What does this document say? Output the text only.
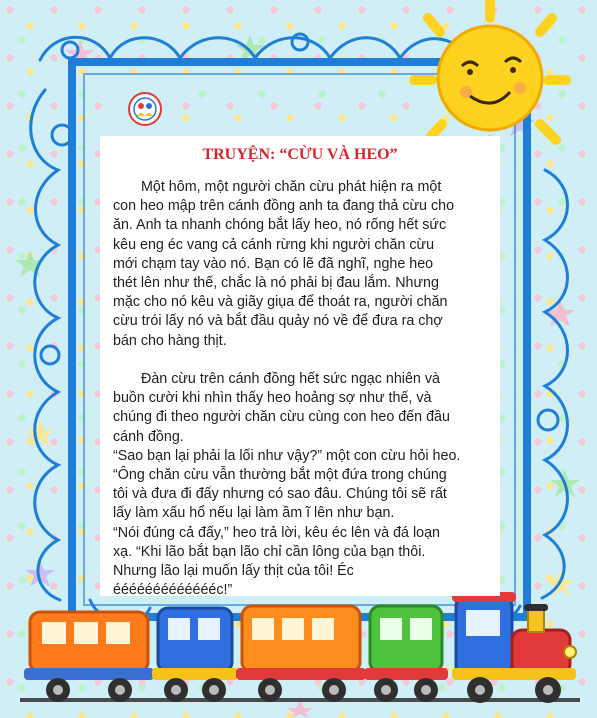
TRUYỆN: “CỪU VÀ HEO”
Một hôm, một người chăn cừu phát hiện ra một
con heo mập trên cánh đồng anh ta đang thả cừu cho
ăn. Anh ta nhanh chóng bắt lấy heo, nó rống hết sức
kêu eng éc vang cả cánh rừng khi người chăn cừu
mới chạm tay vào nó. Bạn có lẽ đã nghĩ, nghe heo
thét lên như thế, chắc là nó phải bị đau lắm. Nhưng
mặc cho nó kêu và giãy giụa để thoát ra, người chăn
cừu trói lấy nó và bắt đầu quảy nó về để đưa ra chợ
bán cho hàng thịt.
Đàn cừu trên cánh đồng hết sức ngạc nhiên và
buồn cười khi nhìn thấy heo hoảng sợ như thế, và
chúng đi theo người chăn cừu cùng con heo đến đầu
cánh đồng.
“Sao bạn lại phải la lối như vậy?” một con cừu hỏi heo.
“Ông chăn cừu vẫn thường bắt một đứa trong chúng
tôi và đưa đi đấy nhưng có sao đâu. Chúng tôi sẽ rất
lấy làm xấu hổ nếu lại làm ầm ĩ lên như bạn.
“Nói đúng cả đấy,” heo trả lời, kêu éc lên và đá loạn
xạ. “Khi lão bắt bạn lão chỉ cần lông của bạn thôi.
Nhưng lão lại muốn lấy thịt của tôi! Éc
éééééééééééééc!”
